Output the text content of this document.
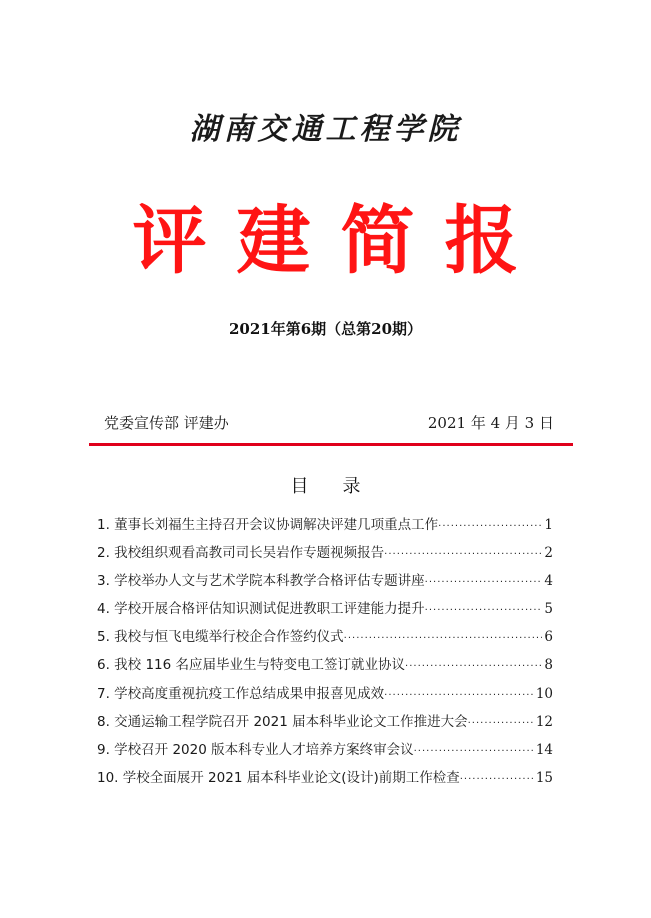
湖南交通工程学院
评建简报
2021年第6期（总第20期）
党委宣传部 评建办	2021 年 4 月 3 日
目录
1. 董事长刘福生主持召开会议协调解决评建几项重点工作 ·····	1
2. 我校组织观看高教司司长吴岩作专题视频报告 ·····	2
3. 学校举办人文与艺术学院本科教学合格评估专题讲座 ·····	4
4. 学校开展合格评估知识测试促进教职工评建能力提升 ·····	5
5. 我校与恒飞电缆举行校企合作签约仪式 ·····	6
6. 我校 116 名应届毕业生与特变电工签订就业协议 ·····	8
7. 学校高度重视抗疫工作总结成果申报喜见成效 ·····	10
8. 交通运输工程学院召开 2021 届本科毕业论文工作推进大会 ·····	12
9. 学校召开 2020 版本科专业人才培养方案终审会议 ·····	14
10. 学校全面展开 2021 届本科毕业论文(设计)前期工作检查 ·····	15
